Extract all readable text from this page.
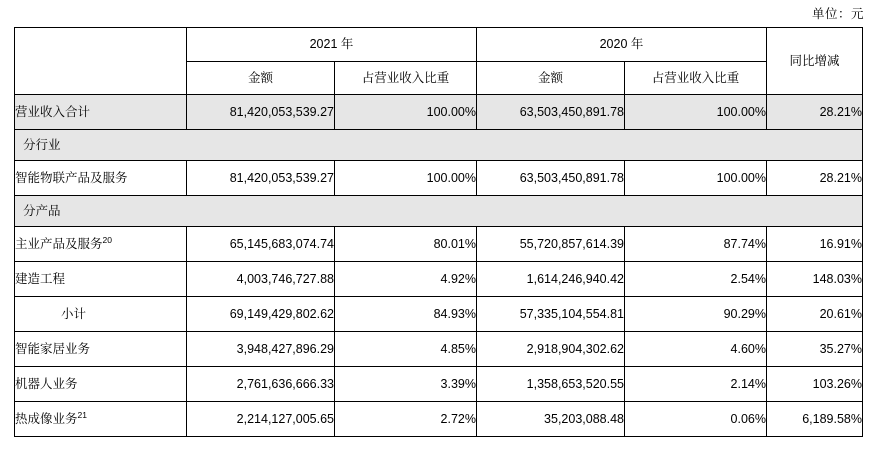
单位：元
	2021 年		2020 年		同比增减
	金额	占营业收入比重	金额	占营业收入比重	
营业收入合计	81,420,053,539.27	100.00%	63,503,450,891.78	100.00%	28.21%
分行业					
智能物联产品及服务	81,420,053,539.27	100.00%	63,503,450,891.78	100.00%	28.21%
分产品					
主业产品及服务$^{20}$	65,145,683,074.74	80.01%	55,720,857,614.39	87.74%	16.91%
建造工程	4,003,746,727.88	4.92%	1,614,246,940.42	2.54%	148.03%
小计	69,149,429,802.62	84.93%	57,335,104,554.81	90.29%	20.61%
智能家居业务	3,948,427,896.29	4.85%	2,918,904,302.62	4.60%	35.27%
机器人业务	2,761,636,666.33	3.39%	1,358,653,520.55	2.14%	103.26%
热成像业务$^{21}$	2,214,127,005.65	2.72%	35,203,088.48	0.06%	6,189.58%
